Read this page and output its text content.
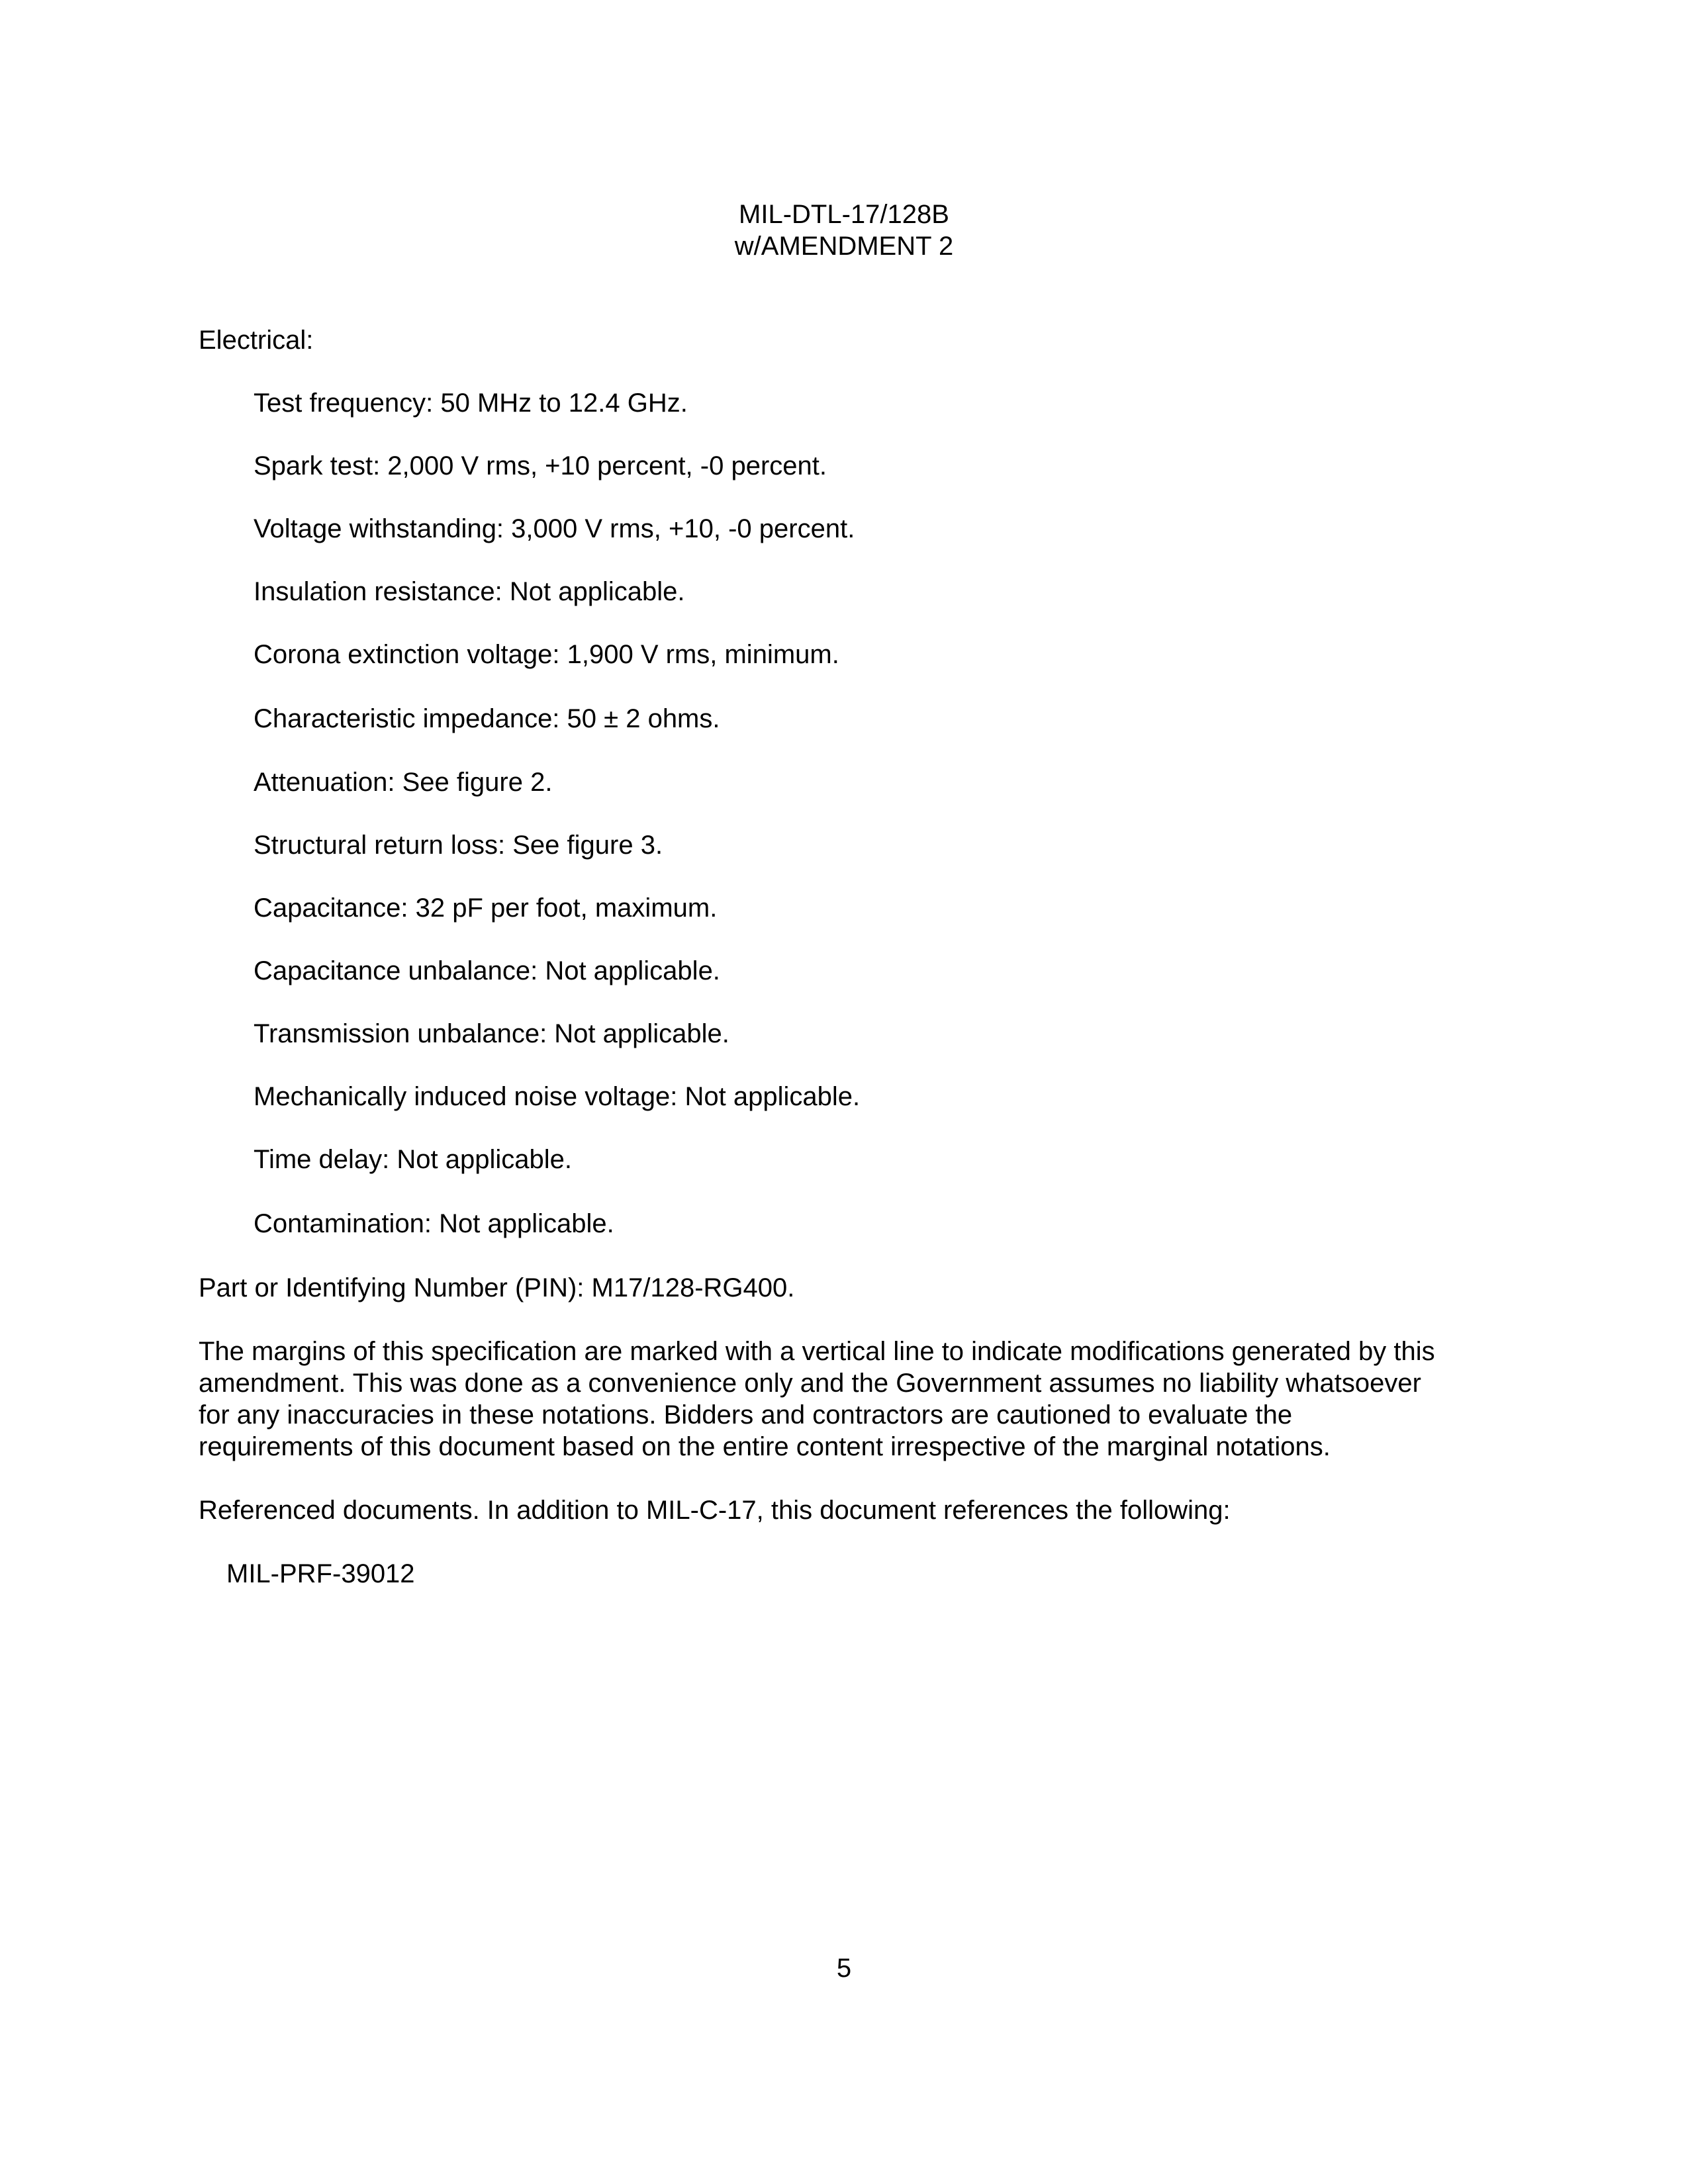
MIL-DTL-17/128B
w/AMENDMENT 2
Electrical:
Test frequency: 50 MHz to 12.4 GHz.
Spark test: 2,000 V rms, +10 percent, -0 percent.
Voltage withstanding: 3,000 V rms, +10, -0 percent.
Insulation resistance: Not applicable.
Corona extinction voltage: 1,900 V rms, minimum.
Characteristic impedance: 50 ± 2 ohms.
Attenuation: See figure 2.
Structural return loss: See figure 3.
Capacitance: 32 pF per foot, maximum.
Capacitance unbalance: Not applicable.
Transmission unbalance: Not applicable.
Mechanically induced noise voltage: Not applicable.
Time delay: Not applicable.
Contamination: Not applicable.
Part or Identifying Number (PIN): M17/128-RG400.
The margins of this specification are marked with a vertical line to indicate modifications generated by this
amendment. This was done as a convenience only and the Government assumes no liability whatsoever
for any inaccuracies in these notations. Bidders and contractors are cautioned to evaluate the
requirements of this document based on the entire content irrespective of the marginal notations.
Referenced documents. In addition to MIL-C-17, this document references the following:
MIL-PRF-39012
5
